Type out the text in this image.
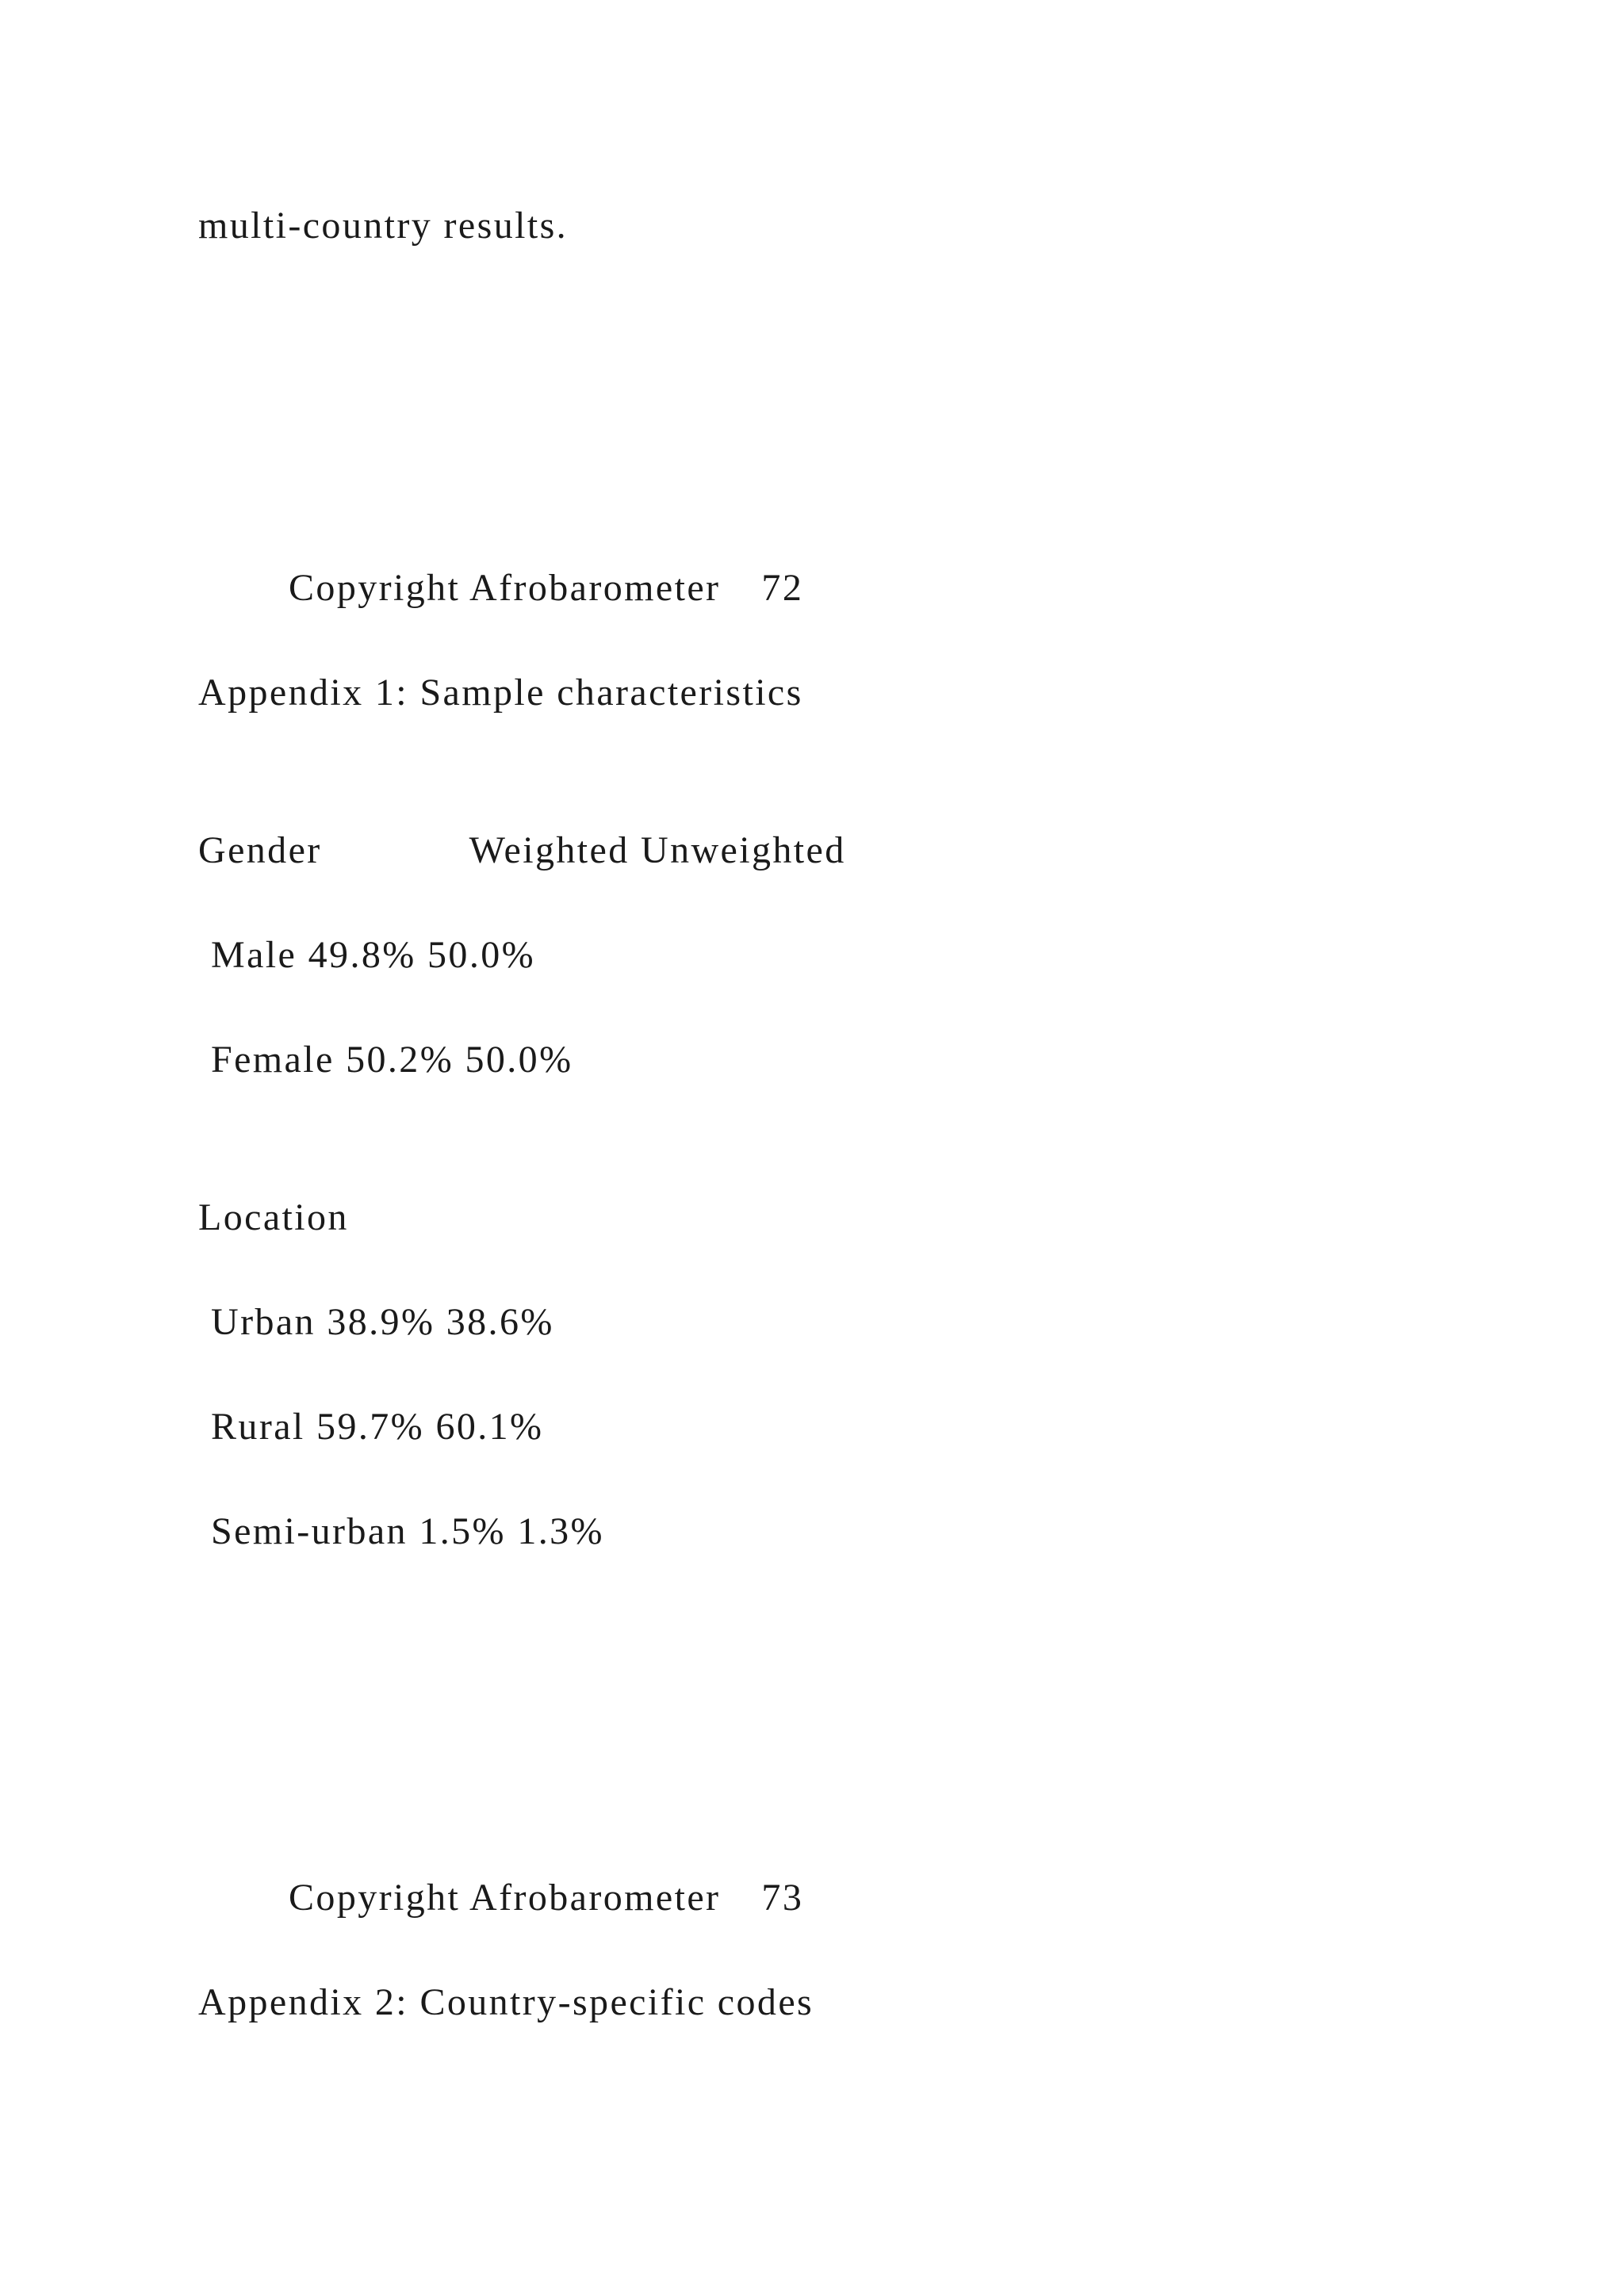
multi-country results.
Copyright Afrobarometer 72
Appendix 1: Sample characteristics
Gender	Weighted Unweighted
Male 49.8% 50.0%
Female 50.2% 50.0%
Location
Urban 38.9% 38.6%
Rural 59.7% 60.1%
Semi-urban 1.5% 1.3%
Copyright Afrobarometer 73
Appendix 2: Country-specific codes
